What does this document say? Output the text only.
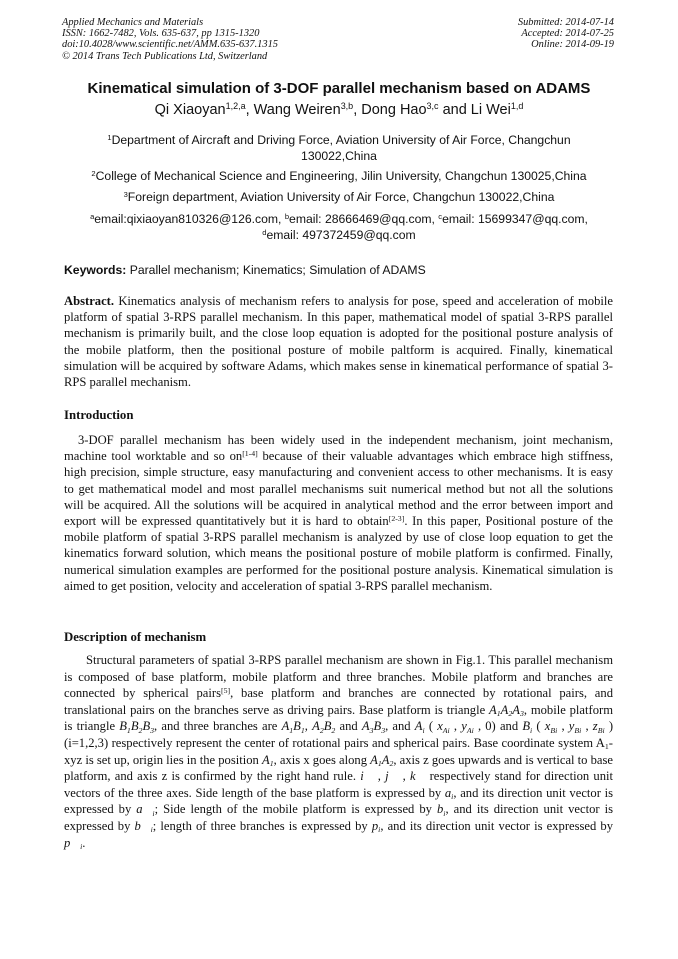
Applied Mechanics and Materials
ISSN: 1662-7482, Vols. 635-637, pp 1315-1320
doi:10.4028/www.scientific.net/AMM.635-637.1315
© 2014 Trans Tech Publications Ltd, Switzerland
Submitted: 2014-07-14
Accepted: 2014-07-25
Online: 2014-09-19
Kinematical simulation of 3-DOF parallel mechanism based on ADAMS
Qi Xiaoyan$^{1,2,a}$, Wang Weiren$^{3,b}$, Dong Hao$^{3,c}$ and Li Wei$^{1,d}$
$^1$Department of Aircraft and Driving Force, Aviation University of Air Force, Changchun 130022,China
$^2$College of Mechanical Science and Engineering, Jilin University, Changchun 130025,China
$^3$Foreign department, Aviation University of Air Force, Changchun 130022,China
$^a$email:qixiaoyan810326@126.com, $^b$email: 28666469@qq.com, $^c$email: 15699347@qq.com,
$^d$email: 497372459@qq.com
Keywords: Parallel mechanism; Kinematics; Simulation of ADAMS
Abstract. Kinematics analysis of mechanism refers to analysis for pose, speed and acceleration of mobile platform of spatial 3-RPS parallel mechanism. In this paper, mathematical model of spatial 3-RPS parallel mechanism is primarily built, and the close loop equation is adopted for the positional posture analysis of the mobile platform, then the positional posture of mobile paltform is acquired. Finally, kinematical simulation will be acquired by software Adams, which makes sense in kinematical performance of spatial 3-RPS parallel mechanism.
Introduction
3-DOF parallel mechanism has been widely used in the independent mechanism, joint mechanism, machine tool worktable and so on[1-4] because of their valuable advantages which embrace high stiffness, high precision, simple structure, easy manufacturing and convenient access to other mechanisms. It is easy to get mathematical model and most parallel mechanisms suit numerical method but not all the solutions will be acquired. All the solutions will be acquired in analytical method and the error between import and export will be expressed quantitatively but it is hard to obtain[2-3]. In this paper, Positional posture of the mobile platform of spatial 3-RPS parallel mechanism is analyzed by use of close loop equation to get the kinematics forward solution, which means the positional posture of mobile platform is confirmed. Finally, numerical simulation examples are performed for the positional posture analysis. Kinematical simulation is aimed to get position, velocity and acceleration of spatial 3-RPS parallel mechanism.
Description of mechanism
Structural parameters of spatial 3-RPS parallel mechanism are shown in Fig.1. This parallel mechanism is composed of base platform, mobile platform and three branches. Mobile platform and branches are connected by spherical pairs[5], base platform and branches are connected by rotational pairs, and translational pairs on the branches serve as driving pairs. Base platform is triangle $A_1A_2A_3$, mobile platform is triangle $B_1B_2B_3$, and three branches are $A_1B_1$, $A_2B_2$ and $A_3B_3$, and $A_i$ ( $x_{Ai}$ , $y_{Ai}$ , 0) and $B_i$ ( $x_{Bi}$ , $y_{Bi}$ , $z_{Bi}$ ) (i=1,2,3) respectively represent the center of rotational pairs and spherical pairs. Base coordinate system $A_1$-xyz is set up, origin lies in the position $A_1$, axis x goes along $A_1A_2$, axis z goes upwards and is vertical to base platform, and axis z is confirmed by the right hand rule. i⃗ , j⃗ , k⃗ respectively stand for direction unit vectors of the three axes. Side length of the base platform is expressed by $a_i$, and its direction unit vector is expressed by $a⃗_i$; Side length of the mobile platform is expressed by $b_i$, and its direction unit vector is expressed by $b⃗_i$; length of three branches is expressed by $p_i$, and its direction unit vector is expressed by $p⃗_i$.
